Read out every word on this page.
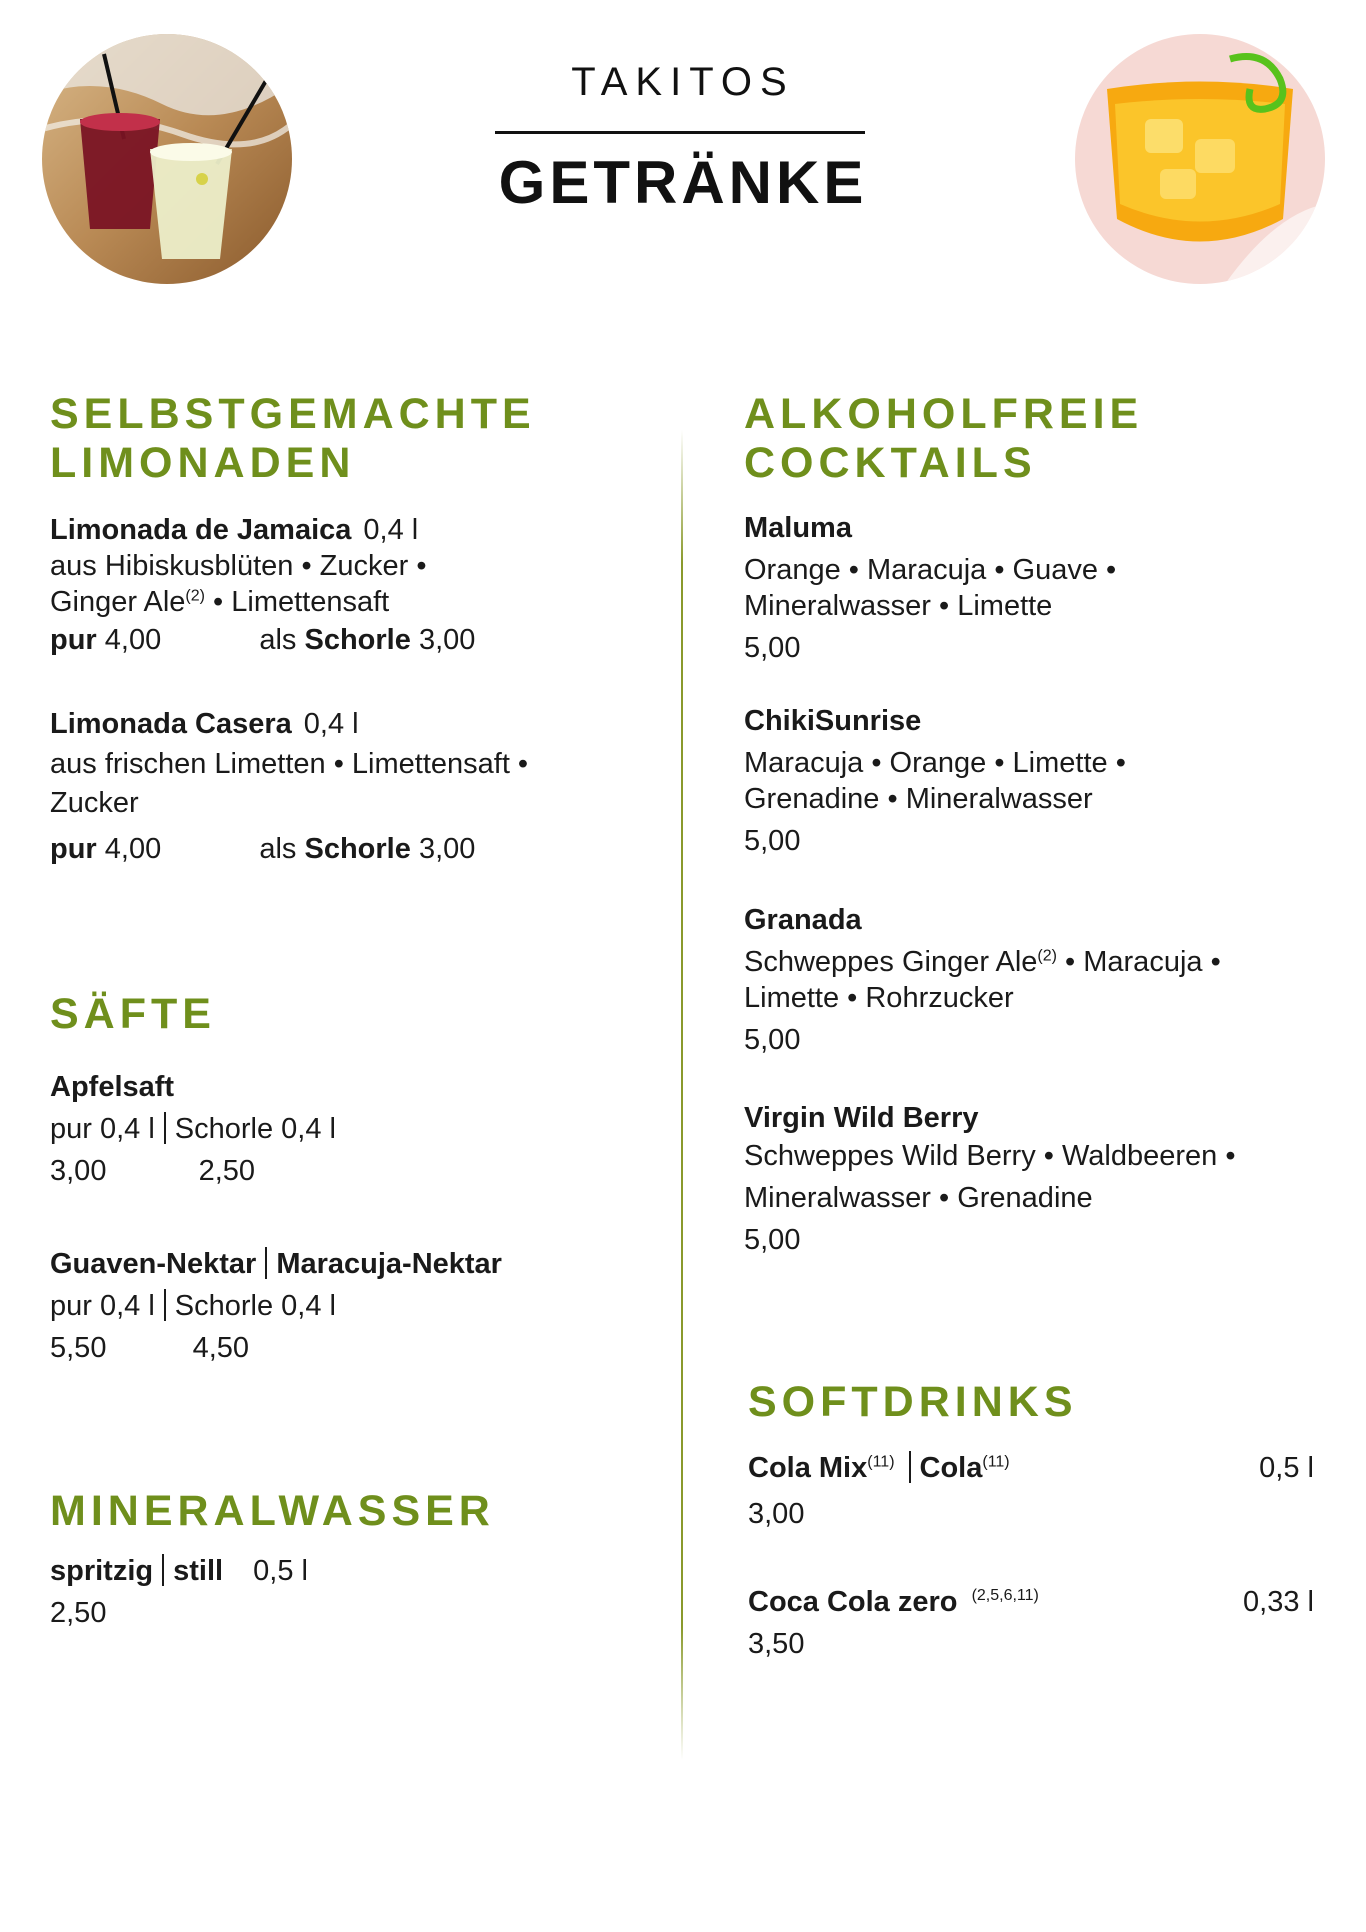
TAKITOS
GETRÄNKE
SELBSTGEMACHTE
LIMONADEN
Limonada de Jamaica 0,4 l
aus Hibiskusblüten • Zucker •
Ginger Ale$^{(2)}$ • Limettensaft
pur 4,00	als Schorle 3,00
Limonada Casera 0,4 l
aus frischen Limetten • Limettensaft •
Zucker
pur 4,00	als Schorle 3,00
SÄFTE
Apfelsaft
pur 0,4 l Schorle 0,4 l
3,00	2,50
Guaven-Nektar Maracuja-Nektar
pur 0,4 l Schorle 0,4 l
5,50	4,50
MINERALWASSER
spritzig still 0,5 l
2,50
ALKOHOLFREIE
COCKTAILS
Maluma
Orange • Maracuja • Guave •
Mineralwasser • Limette
5,00
ChikiSunrise
Maracuja • Orange • Limette •
Grenadine • Mineralwasser
5,00
Granada
Schweppes Ginger Ale$^{(2)}$ • Maracuja •
Limette • Rohrzucker
5,00
Virgin Wild Berry
Schweppes Wild Berry • Waldbeeren •
Mineralwasser • Grenadine
5,00
SOFTDRINKS
Cola Mix$^{(11)}$ Cola$^{(11)}$	0,5 l
3,00
Coca Cola zero $^{(2,5,6,11)}$	0,33 l
3,50
